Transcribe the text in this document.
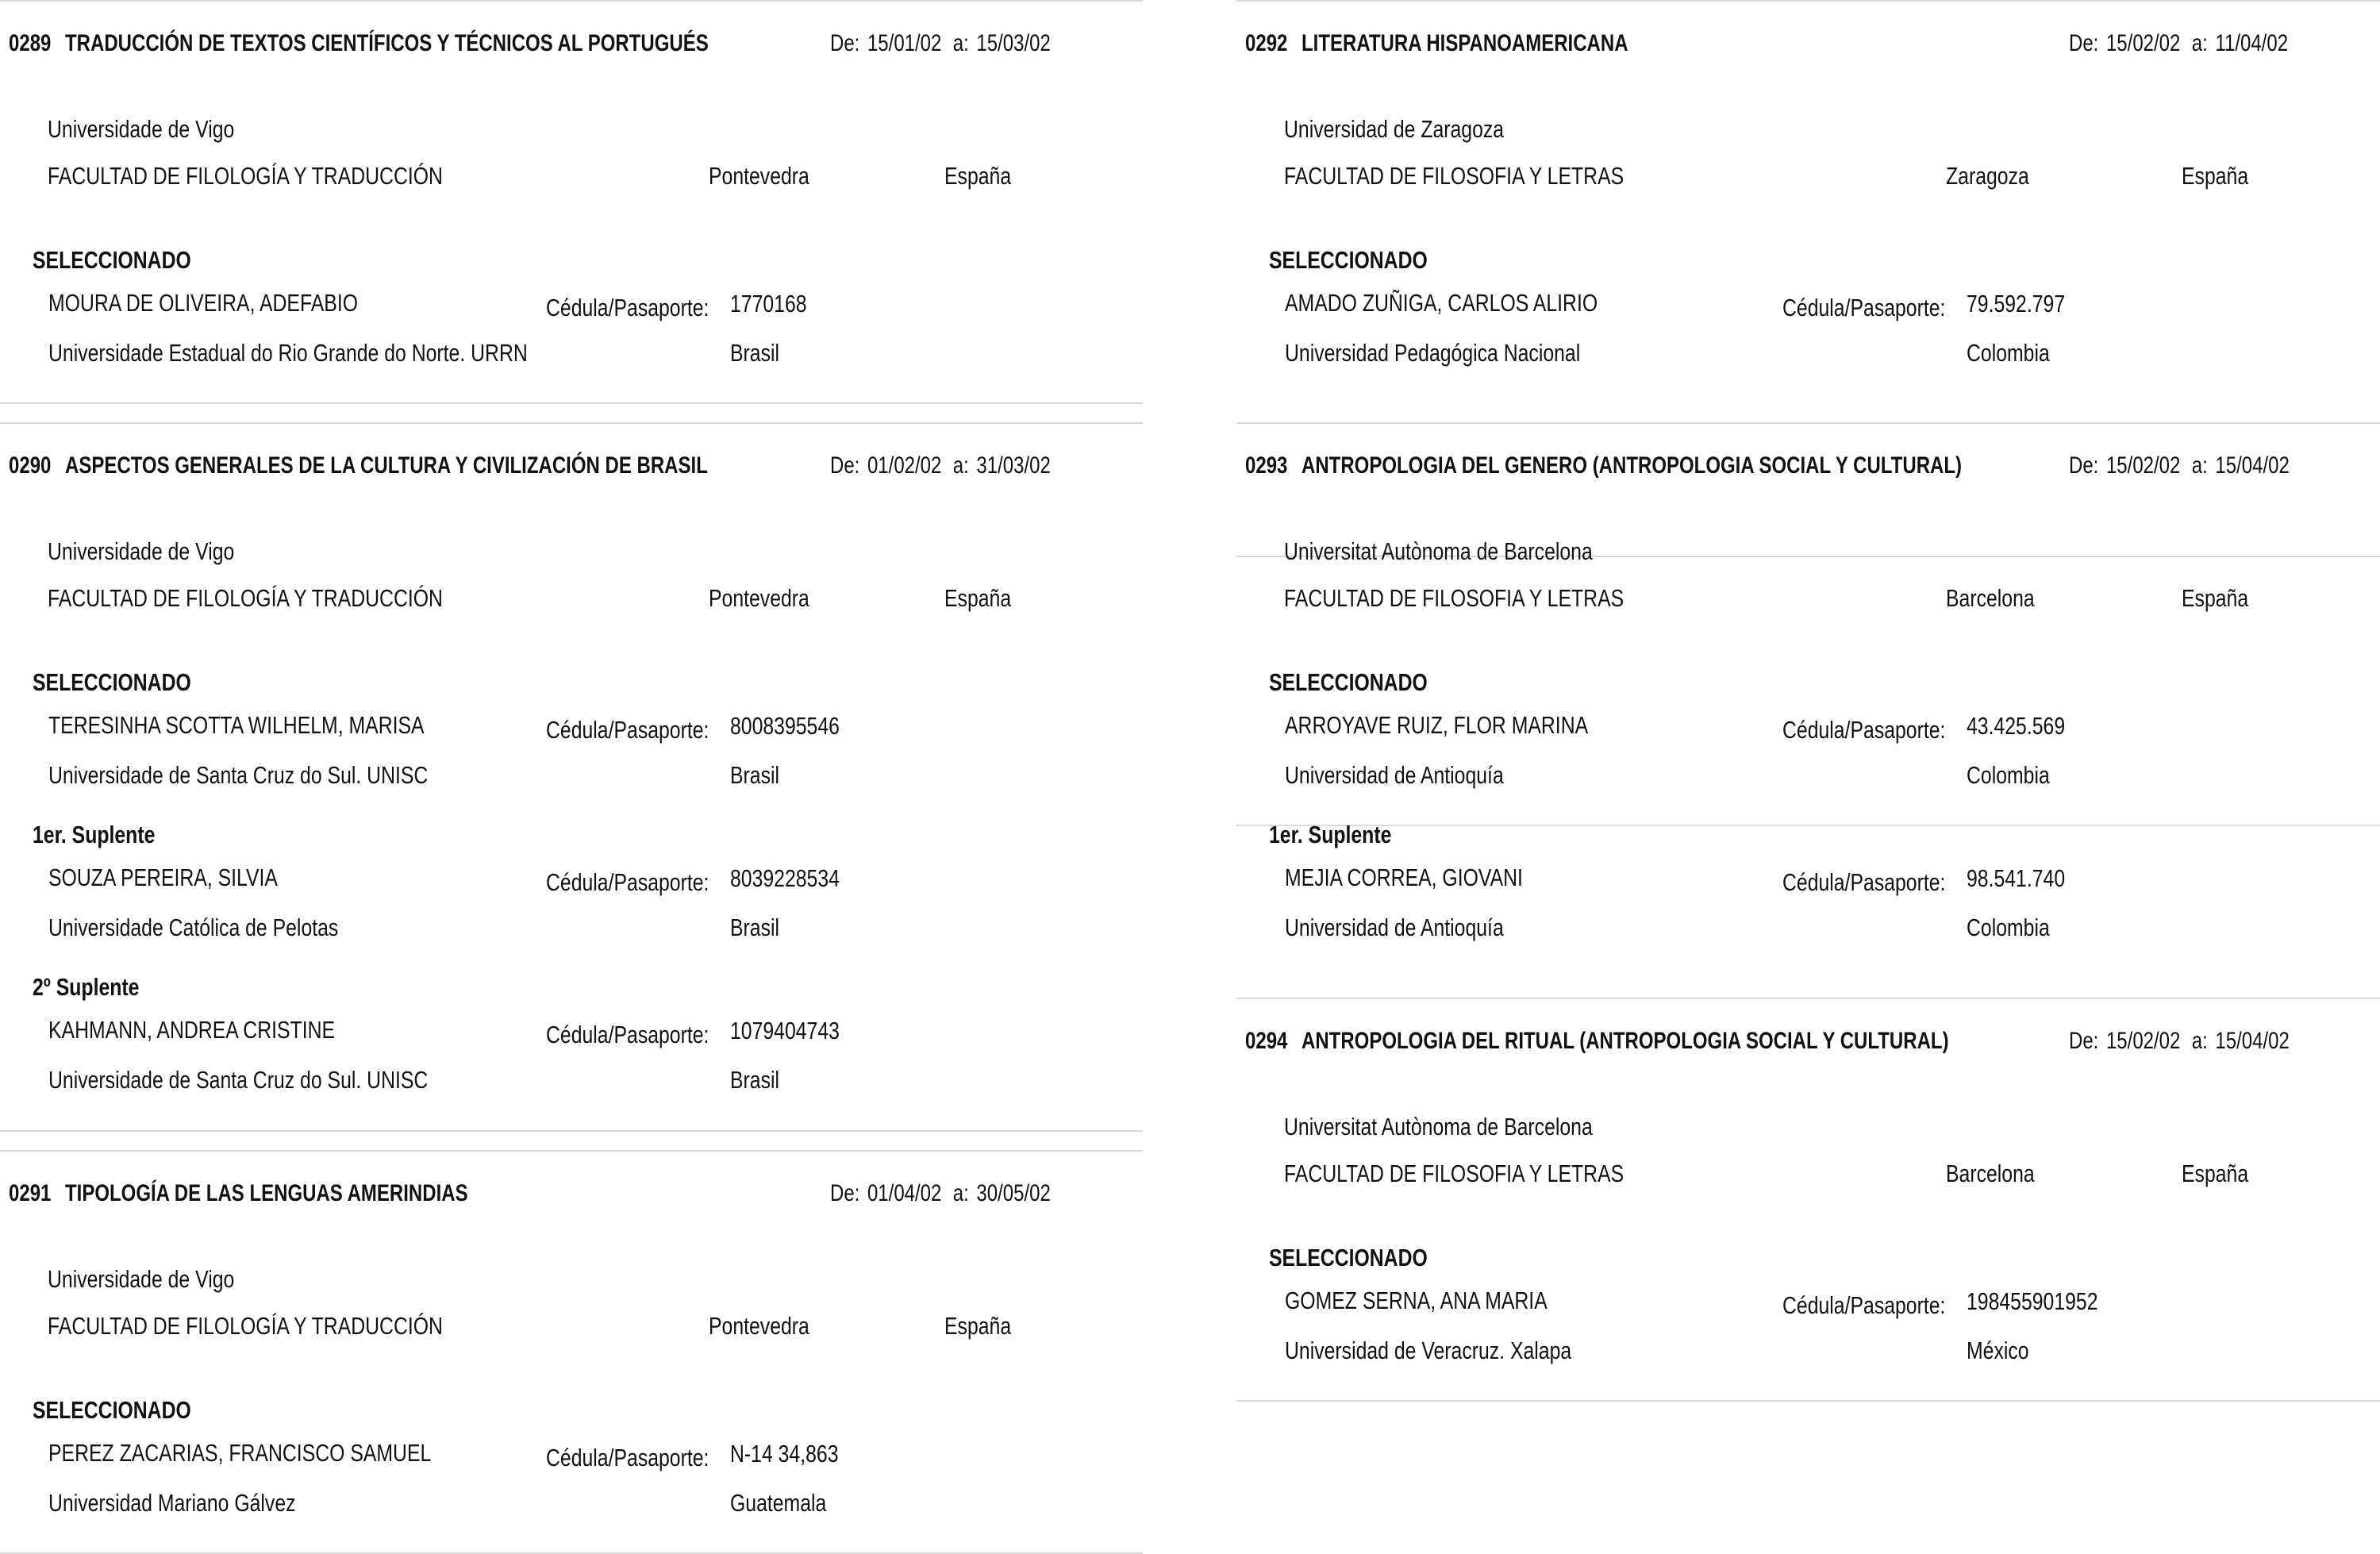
0289 TRADUCCIÓN DE TEXTOS CIENTÍFICOS Y TÉCNICOS AL PORTUGUÉS	De: 15/01/02 a: 15/03/02
Universidade de Vigo
FACULTAD DE FILOLOGÍA Y TRADUCCIÓN	Pontevedra	España
SELECCIONADO
MOURA DE OLIVEIRA, ADEFABIO	Cédula/Pasaporte: 1770168
Universidade Estadual do Rio Grande do Norte. URRN	Brasil
0290 ASPECTOS GENERALES DE LA CULTURA Y CIVILIZACIÓN DE BRASIL	De: 01/02/02 a: 31/03/02
Universidade de Vigo
FACULTAD DE FILOLOGÍA Y TRADUCCIÓN	Pontevedra	España
SELECCIONADO
TERESINHA SCOTTA WILHELM, MARISA	Cédula/Pasaporte: 8008395546
Universidade de Santa Cruz do Sul. UNISC	Brasil
1er. Suplente
SOUZA PEREIRA, SILVIA	Cédula/Pasaporte: 8039228534
Universidade Católica de Pelotas	Brasil
2º Suplente
KAHMANN, ANDREA CRISTINE	Cédula/Pasaporte: 1079404743
Universidade de Santa Cruz do Sul. UNISC	Brasil
0291 TIPOLOGÍA DE LAS LENGUAS AMERINDIAS	De: 01/04/02 a: 30/05/02
Universidade de Vigo
FACULTAD DE FILOLOGÍA Y TRADUCCIÓN	Pontevedra	España
SELECCIONADO
PEREZ ZACARIAS, FRANCISCO SAMUEL	Cédula/Pasaporte: N-14 34,863
Universidad Mariano Gálvez	Guatemala
0292 LITERATURA HISPANOAMERICANA	De: 15/02/02 a: 11/04/02
Universidad de Zaragoza
FACULTAD DE FILOSOFIA Y LETRAS	Zaragoza	España
SELECCIONADO
AMADO ZUÑIGA, CARLOS ALIRIO	Cédula/Pasaporte: 79.592.797
Universidad Pedagógica Nacional	Colombia
0293 ANTROPOLOGIA DEL GENERO (ANTROPOLOGIA SOCIAL Y CULTURAL)	De: 15/02/02 a: 15/04/02
Universitat Autònoma de Barcelona
FACULTAD DE FILOSOFIA Y LETRAS	Barcelona	España
SELECCIONADO
ARROYAVE RUIZ, FLOR MARINA	Cédula/Pasaporte: 43.425.569
Universidad de Antioquía	Colombia
1er. Suplente
MEJIA CORREA, GIOVANI	Cédula/Pasaporte: 98.541.740
Universidad de Antioquía	Colombia
0294 ANTROPOLOGIA DEL RITUAL (ANTROPOLOGIA SOCIAL Y CULTURAL)	De: 15/02/02 a: 15/04/02
Universitat Autònoma de Barcelona
FACULTAD DE FILOSOFIA Y LETRAS	Barcelona	España
SELECCIONADO
GOMEZ SERNA, ANA MARIA	Cédula/Pasaporte: 198455901952
Universidad de Veracruz. Xalapa	México
